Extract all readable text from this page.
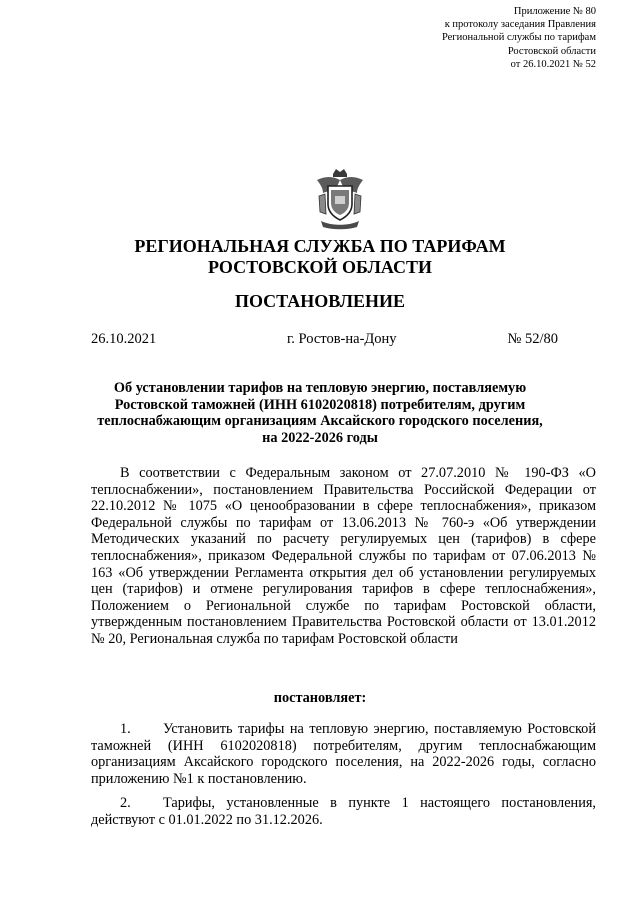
Приложение № 80
к протоколу заседания Правления
Региональной службы по тарифам
Ростовской области
от 26.10.2021 № 52
РЕГИОНАЛЬНАЯ СЛУЖБА ПО ТАРИФАМ
РОСТОВСКОЙ ОБЛАСТИ
ПОСТАНОВЛЕНИЕ
26.10.2021	г. Ростов-на-Дону	№ 52/80
Об установлении тарифов на тепловую энергию, поставляемую
Ростовской таможней (ИНН 6102020818) потребителям, другим
теплоснабжающим организациям Аксайского городского поселения,
на 2022-2026 годы

В соответствии с Федеральным законом от 27.07.2010 № 190-ФЗ «О теплоснабжении», постановлением Правительства Российской Федерации от 22.10.2012 № 1075 «О ценообразовании в сфере теплоснабжения», приказом Федеральной службы по тарифам от 13.06.2013 № 760-э «Об утверждении Методических указаний по расчету регулируемых цен (тарифов) в сфере теплоснабжения», приказом Федеральной службы по тарифам от 07.06.2013 № 163 «Об утверждении Регламента открытия дел об установлении регулируемых цен (тарифов) и отмене регулирования тарифов в сфере теплоснабжения», Положением о Региональной службе по тарифам Ростовской области, утвержденным постановлением Правительства Ростовской области от 13.01.2012 № 20, Региональная служба по тарифам Ростовской области

постановляет:

1. Установить тарифы на тепловую энергию, поставляемую Ростовской таможней (ИНН 6102020818) потребителям, другим теплоснабжающим организациям Аксайского городского поселения, на 2022-2026 годы, согласно приложению №1 к постановлению.

2. Тарифы, установленные в пункте 1 настоящего постановления, действуют с 01.01.2022 по 31.12.2026.
